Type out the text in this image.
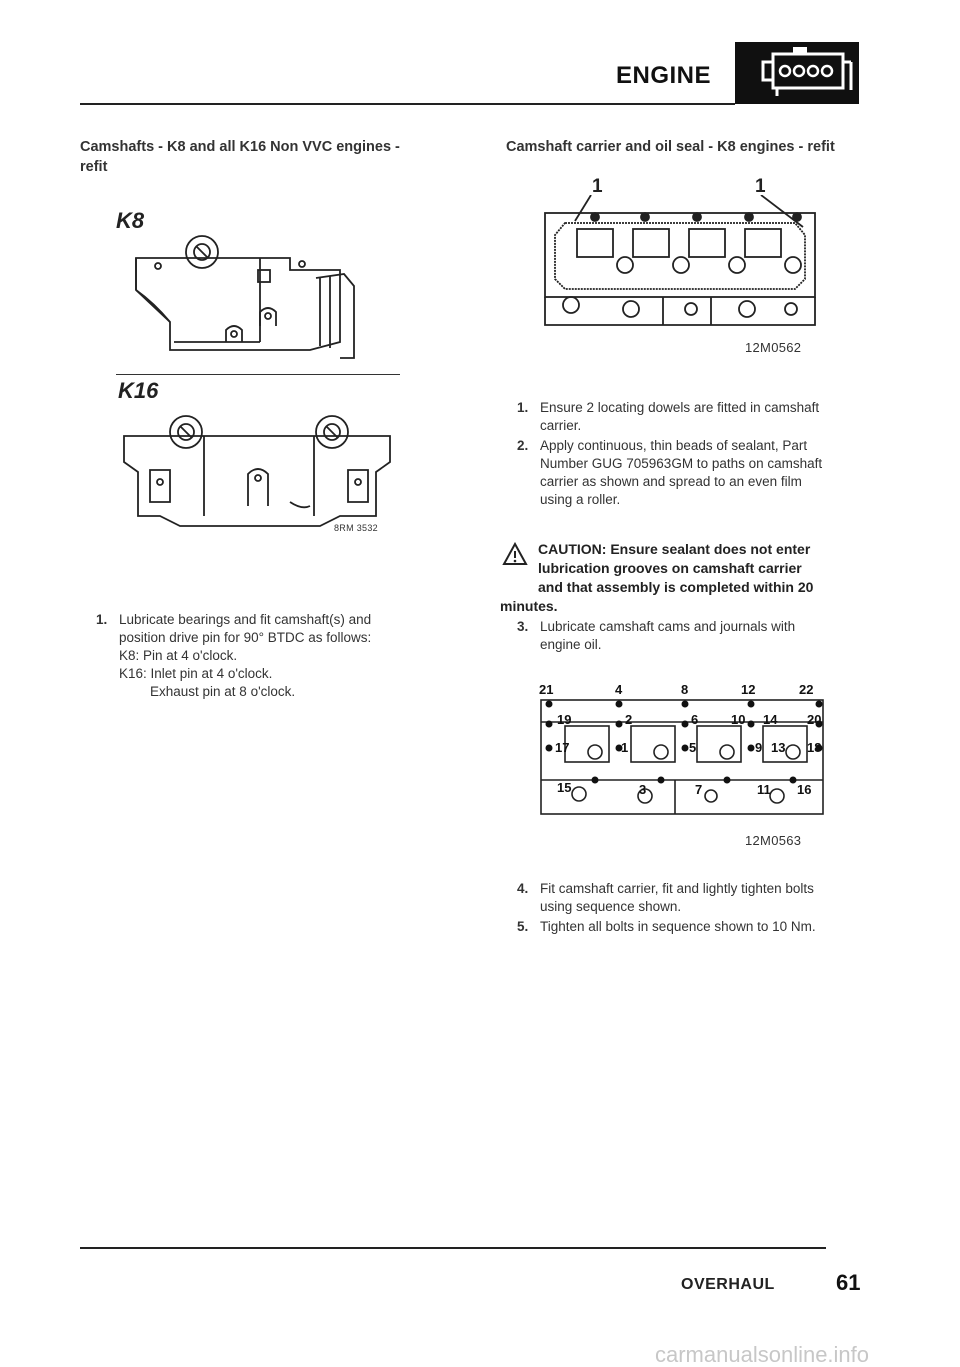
ENGINE
Camshafts - K8 and all K16 Non VVC engines -
refit
K8
K16
8RM 3532
1. Lubricate bearings and fit camshaft(s) and
position drive pin for 90° BTDC as follows:
K8: Pin at 4 o'clock.
K16: Inlet pin at 4 o'clock.
Exhaust pin at 8 o'clock.
Camshaft carrier and oil seal - K8 engines - refit
1	1
12M0562
1. Ensure 2 locating dowels are fitted in camshaft
carrier.
2. Apply continuous, thin beads of sealant, Part
Number GUG 705963GM to paths on camshaft
carrier as shown and spread to an even film
using a roller.
CAUTION: Ensure sealant does not enter
lubrication grooves on camshaft carrier
and that assembly is completed within 20
minutes.
3. Lubricate camshaft cams and journals with
engine oil.
21	4	8	12	22
19	2	6	10 14 20
17	1	5	9 13 18
15	3	7	11 16
12M0563
4. Fit camshaft carrier, fit and lightly tighten bolts
using sequence shown.
5. Tighten all bolts in sequence shown to 10 Nm.
OVERHAUL	61
carmanualsonline.info
